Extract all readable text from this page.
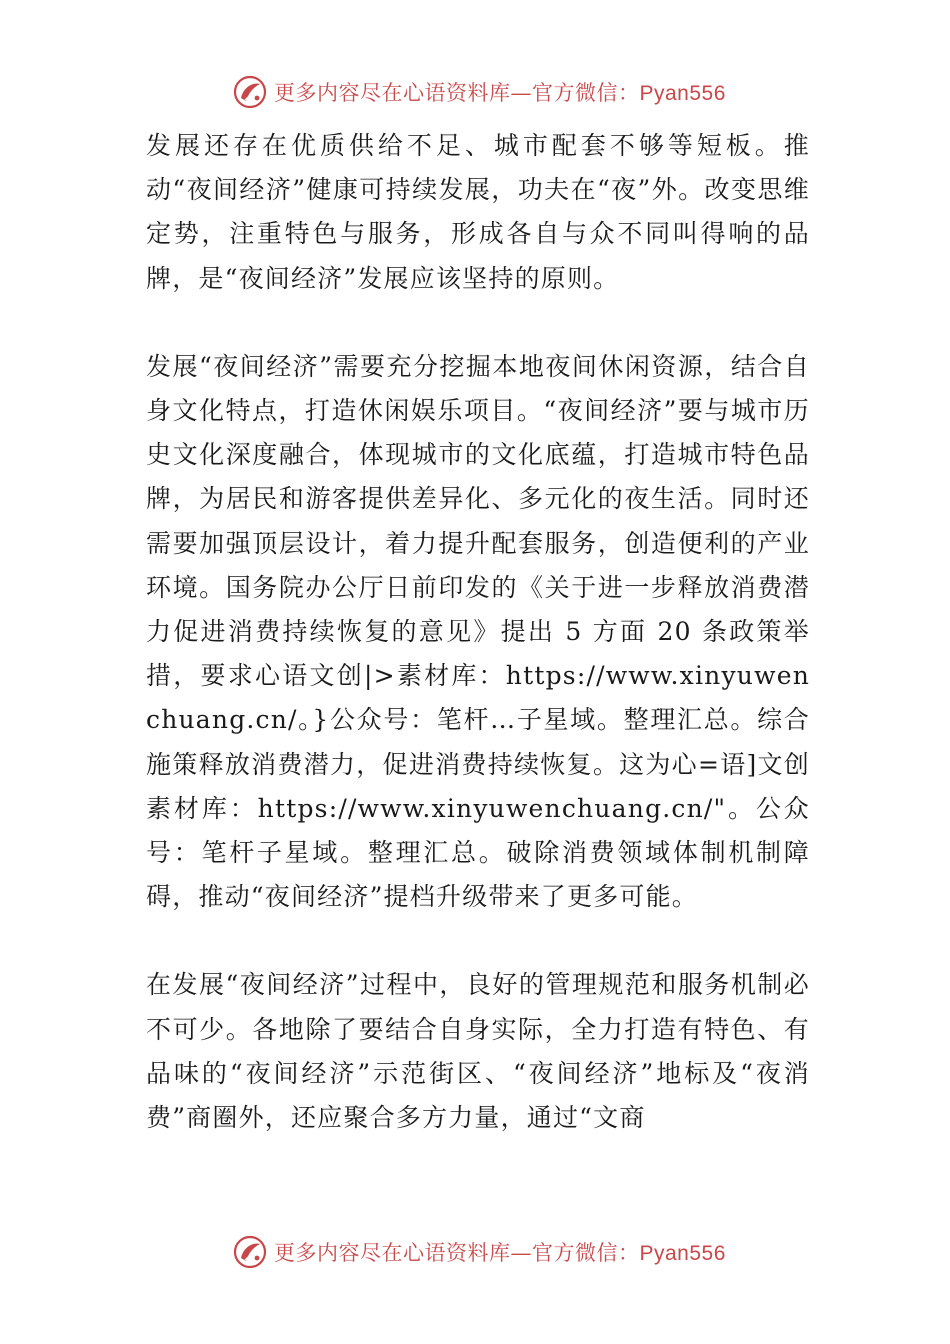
更多内容尽在心语资料库—官方微信：Pyan556

发展还存在优质供给不足、城市配套不够等短板。推动“夜间经济”健康可持续发展，功夫在“夜”外。改变思维定势，注重特色与服务，形成各自与众不同叫得响的品牌，是“夜间经济”发展应该坚持的原则。

发展“夜间经济”需要充分挖掘本地夜间休闲资源，结合自身文化特点，打造休闲娱乐项目。“夜间经济”要与城市历史文化深度融合，体现城市的文化底蕴，打造城市特色品牌，为居民和游客提供差异化、多元化的夜生活。同时还需要加强顶层设计，着力提升配套服务，创造便利的产业环境。国务院办公厅日前印发的《关于进一步释放消费潜力促进消费持续恢复的意见》提出 5 方面 20 条政策举措，要求心语文创|>素材库：https://www.xinyuwenchuang.cn/。}公众号：笔杆…子星域。整理汇总。综合施策释放消费潜力，促进消费持续恢复。这为心=语]文创素材库：https://www.xinyuwenchuang.cn/"。公众号：笔杆子星域。整理汇总。破除消费领域体制机制障碍，推动“夜间经济”提档升级带来了更多可能。

在发展“夜间经济”过程中，良好的管理规范和服务机制必不可少。各地除了要结合自身实际，全力打造有特色、有品味的“夜间经济”示范街区、“夜间经济”地标及“夜消费”商圈外，还应聚合多方力量，通过“文商

更多内容尽在心语资料库—官方微信：Pyan556
